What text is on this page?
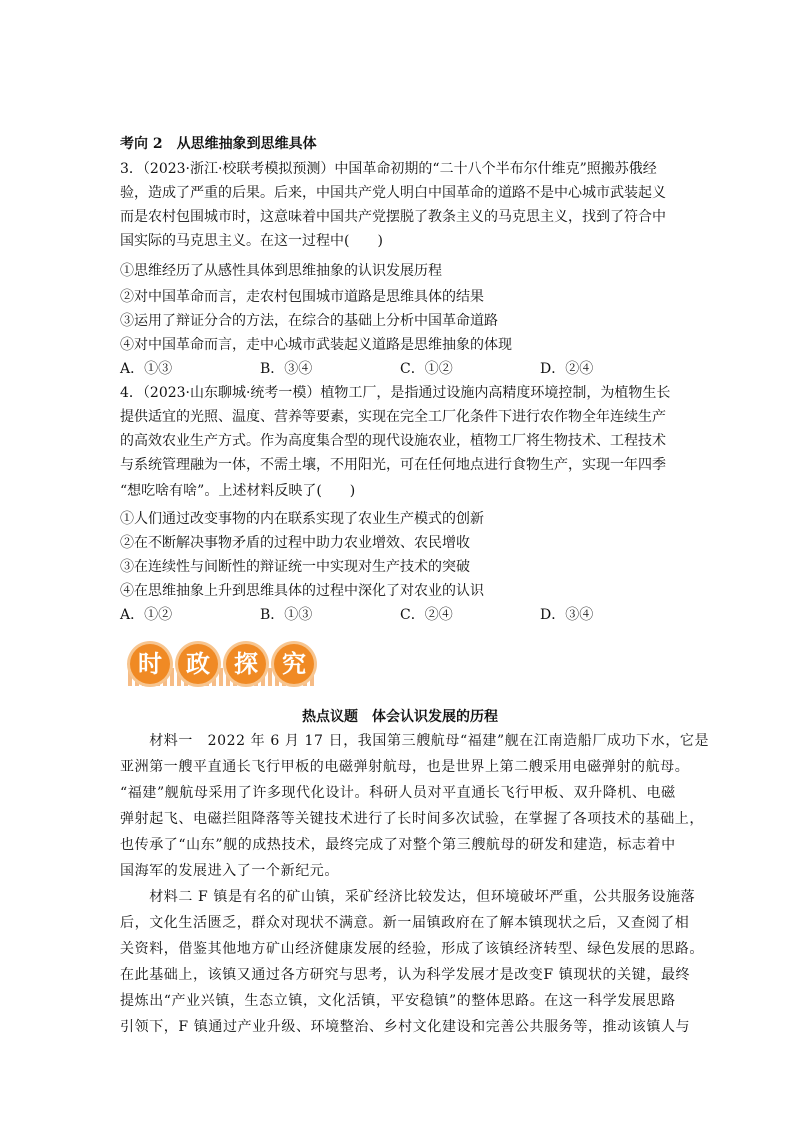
考向 2　从思维抽象到思维具体
3．（2023·浙江·校联考模拟预测）中国革命初期的“二十八个半布尔什维克”照搬苏俄经
验，造成了严重的后果。后来，中国共产党人明白中国革命的道路不是中心城市武装起义
而是农村包围城市时，这意味着中国共产党摆脱了教条主义的马克思主义，找到了符合中
国实际的马克思主义。在这一过程中(　　)
①思维经历了从感性具体到思维抽象的认识发展历程
②对中国革命而言，走农村包围城市道路是思维具体的结果
③运用了辩证分合的方法，在综合的基础上分析中国革命道路
④对中国革命而言，走中心城市武装起义道路是思维抽象的体现
A．①③	B．③④	C．①②	D．②④
4．（2023·山东聊城·统考一模）植物工厂，是指通过设施内高精度环境控制，为植物生长
提供适宜的光照、温度、营养等要素，实现在完全工厂化条件下进行农作物全年连续生产
的高效农业生产方式。作为高度集合型的现代设施农业，植物工厂将生物技术、工程技术
与系统管理融为一体，不需土壤，不用阳光，可在任何地点进行食物生产，实现一年四季
“想吃啥有啥”。上述材料反映了(　　)
①人们通过改变事物的内在联系实现了农业生产模式的创新
②在不断解决事物矛盾的过程中助力农业增效、农民增收
③在连续性与间断性的辩证统一中实现对生产技术的突破
④在思维抽象上升到思维具体的过程中深化了对农业的认识
A．①②	B．①③	C．②④	D．③④
时	政	探	究
热点议题　体会认识发展的历程
　　材料一　2022 年 6 月 17 日，我国第三艘航母“福建”舰在江南造船厂成功下水，它是
亚洲第一艘平直通长飞行甲板的电磁弹射航母，也是世界上第二艘采用电磁弹射的航母。
“福建”舰航母采用了许多现代化设计。科研人员对平直通长飞行甲板、双升降机、电磁
弹射起飞、电磁拦阻降落等关键技术进行了长时间多次试验，在掌握了各项技术的基础上，
也传承了“山东”舰的成热技术，最终完成了对整个第三艘航母的研发和建造，标志着中
国海军的发展进入了一个新纪元。
　　材料二 F 镇是有名的矿山镇，采矿经济比较发达，但环境破坏严重，公共服务设施落
后，文化生活匮乏，群众对现状不满意。新一届镇政府在了解本镇现状之后，又查阅了相
关资料，借鉴其他地方矿山经济健康发展的经验，形成了该镇经济转型、绿色发展的思路。
在此基础上，该镇又通过各方研究与思考，认为科学发展才是改变F 镇现状的关键，最终
提炼出“产业兴镇，生态立镇，文化活镇，平安稳镇”的整体思路。在这一科学发展思路
引领下，F 镇通过产业升级、环境整治、乡村文化建设和完善公共服务等，推动该镇人与
